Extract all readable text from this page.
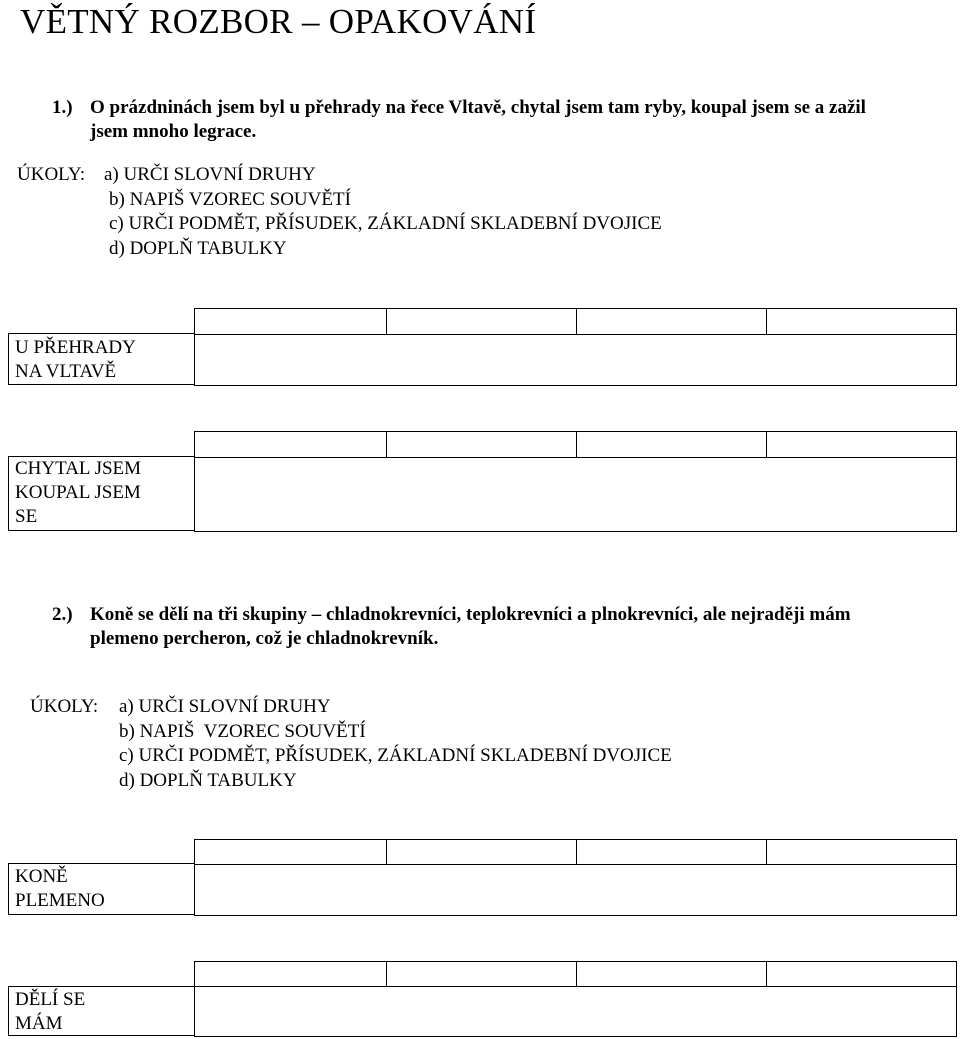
VĚTNÝ ROZBOR – OPAKOVÁNÍ
1.) O prázdninách jsem byl u přehrady na řece Vltavě, chytal jsem tam ryby, koupal jsem se a zažil
jsem mnoho legrace.
ÚKOLY: a) URČI SLOVNÍ DRUHY
b) NAPIŠ VZOREC SOUVĚTÍ
c) URČI PODMĚT, PŘÍSUDEK, ZÁKLADNÍ SKLADEBNÍ DVOJICE
d) DOPLŇ TABULKY
U PŘEHRADY
NA VLTAVĚ
CHYTAL JSEM
KOUPAL JSEM
SE
2.) Koně se dělí na tři skupiny – chladnokrevníci, teplokrevníci a plnokrevníci, ale nejraději mám
plemeno percheron, což je chladnokrevník.
ÚKOLY: a) URČI SLOVNÍ DRUHY
b) NAPIŠ  VZOREC SOUVĚTÍ
c) URČI PODMĚT, PŘÍSUDEK, ZÁKLADNÍ SKLADEBNÍ DVOJICE
d) DOPLŇ TABULKY
KONĚ
PLEMENO
DĚLÍ SE
MÁM
